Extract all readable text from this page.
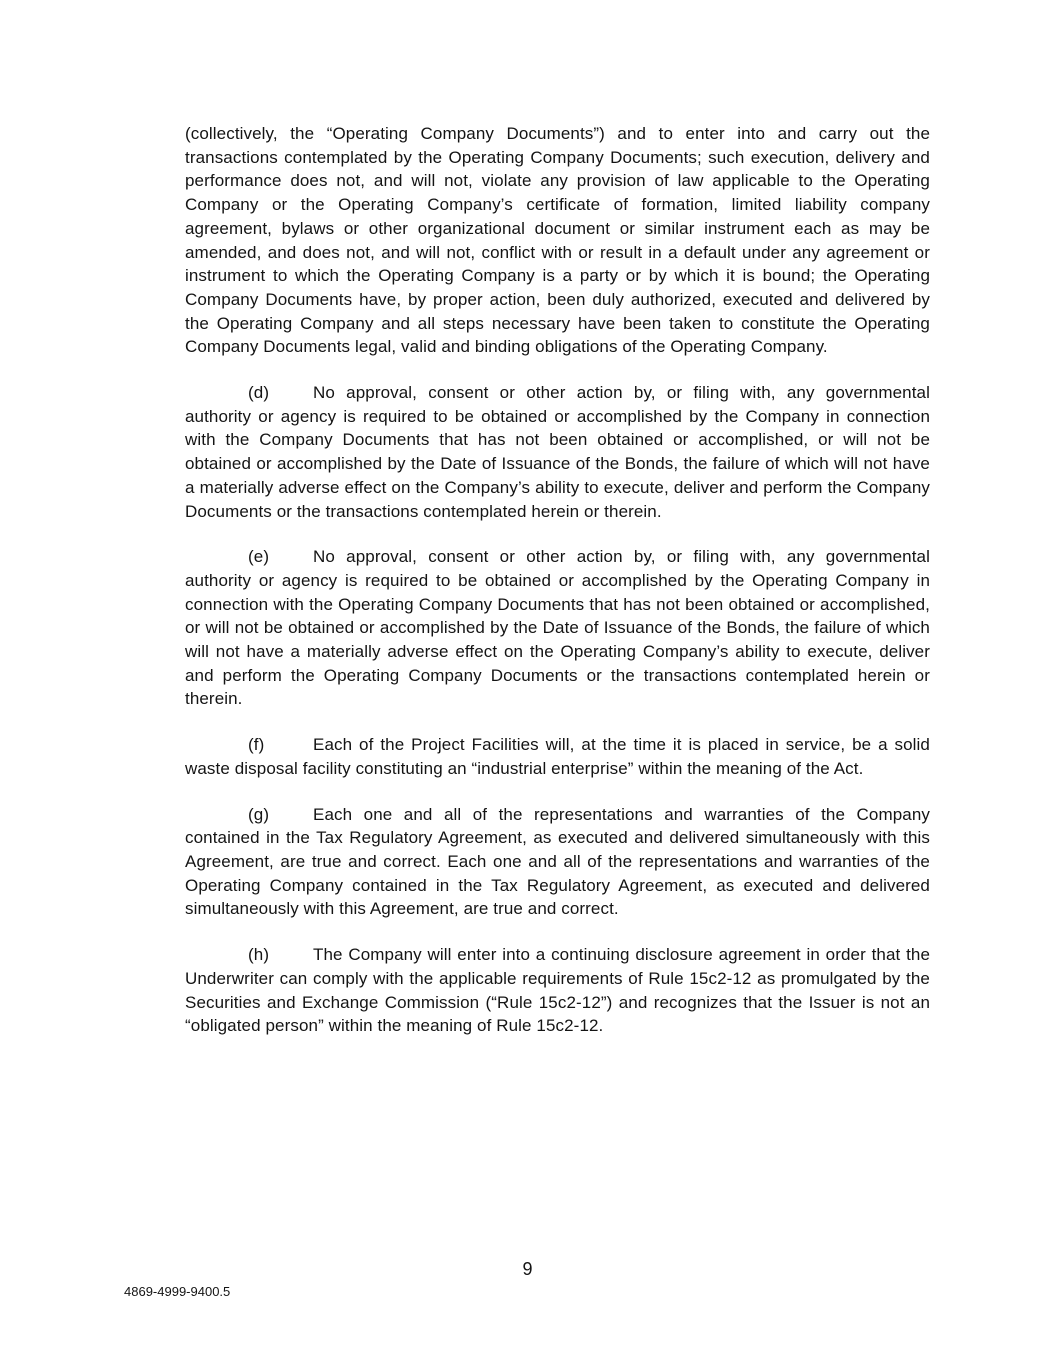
(collectively, the “Operating Company Documents”) and to enter into and carry out the transactions contemplated by the Operating Company Documents; such execution, delivery and performance does not, and will not, violate any provision of law applicable to the Operating Company or the Operating Company’s certificate of formation, limited liability company agreement, bylaws or other organizational document or similar instrument each as may be amended, and does not, and will not, conflict with or result in a default under any agreement or instrument to which the Operating Company is a party or by which it is bound; the Operating Company Documents have, by proper action, been duly authorized, executed and delivered by the Operating Company and all steps necessary have been taken to constitute the Operating Company Documents legal, valid and binding obligations of the Operating Company.

(d)	No approval, consent or other action by, or filing with, any governmental authority or agency is required to be obtained or accomplished by the Company in connection with the Company Documents that has not been obtained or accomplished, or will not be obtained or accomplished by the Date of Issuance of the Bonds, the failure of which will not have a materially adverse effect on the Company’s ability to execute, deliver and perform the Company Documents or the transactions contemplated herein or therein.

(e)	No approval, consent or other action by, or filing with, any governmental authority or agency is required to be obtained or accomplished by the Operating Company in connection with the Operating Company Documents that has not been obtained or accomplished, or will not be obtained or accomplished by the Date of Issuance of the Bonds, the failure of which will not have a materially adverse effect on the Operating Company’s ability to execute, deliver and perform the Operating Company Documents or the transactions contemplated herein or therein.

(f)	Each of the Project Facilities will, at the time it is placed in service, be a solid waste disposal facility constituting an “industrial enterprise” within the meaning of the Act.

(g)	Each one and all of the representations and warranties of the Company contained in the Tax Regulatory Agreement, as executed and delivered simultaneously with this Agreement, are true and correct. Each one and all of the representations and warranties of the Operating Company contained in the Tax Regulatory Agreement, as executed and delivered simultaneously with this Agreement, are true and correct.

(h)	The Company will enter into a continuing disclosure agreement in order that the Underwriter can comply with the applicable requirements of Rule 15c2-12 as promulgated by the Securities and Exchange Commission (“Rule 15c2-12”) and recognizes that the Issuer is not an “obligated person” within the meaning of Rule 15c2-12.

9
4869-4999-9400.5
